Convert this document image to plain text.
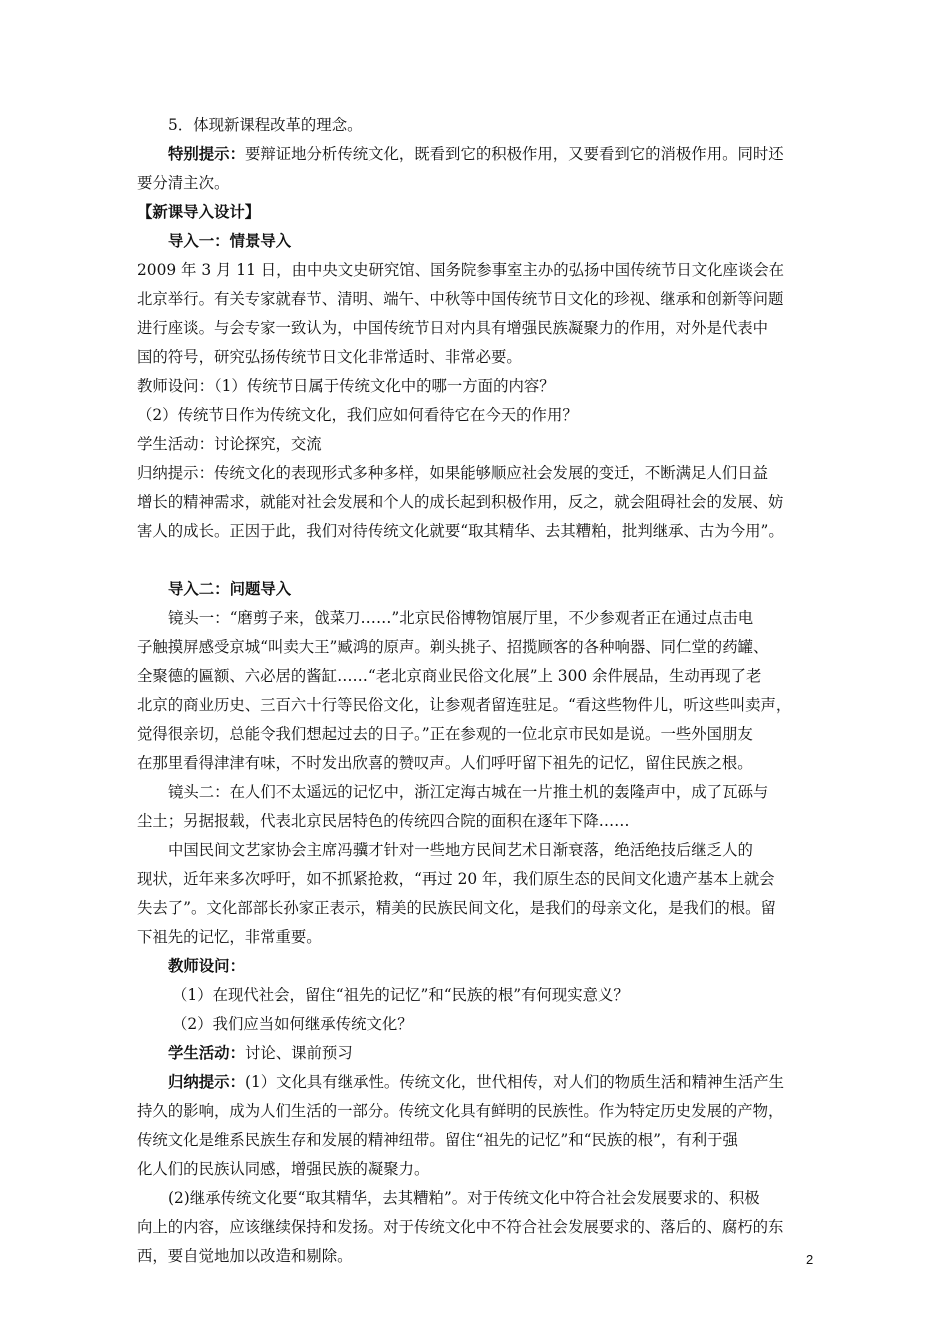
5．体现新课程改革的理念。
特别提示：要辩证地分析传统文化，既看到它的积极作用，又要看到它的消极作用。同时还
要分清主次。
【新课导入设计】
导入一：情景导入
2009 年 3 月 11 日，由中央文史研究馆、国务院参事室主办的弘扬中国传统节日文化座谈会在
北京举行。有关专家就春节、清明、端午、中秋等中国传统节日文化的珍视、继承和创新等问题
进行座谈。与会专家一致认为，中国传统节日对内具有增强民族凝聚力的作用，对外是代表中
国的符号，研究弘扬传统节日文化非常适时、非常必要。
教师设问：（1）传统节日属于传统文化中的哪一方面的内容？
（2）传统节日作为传统文化，我们应如何看待它在今天的作用？
学生活动：讨论探究，交流
归纳提示：传统文化的表现形式多种多样，如果能够顺应社会发展的变迁，不断满足人们日益
增长的精神需求，就能对社会发展和个人的成长起到积极作用，反之，就会阻碍社会的发展、妨
害人的成长。正因于此，我们对待传统文化就要“取其精华、去其糟粕，批判继承、古为今用”。
导入二：问题导入
镜头一：“磨剪子来，戗菜刀……”北京民俗博物馆展厅里，不少参观者正在通过点击电
子触摸屏感受京城“叫卖大王”臧鸿的原声。剃头挑子、招揽顾客的各种响器、同仁堂的药罐、
全聚德的匾额、六必居的酱缸……“老北京商业民俗文化展”上 300 余件展品，生动再现了老
北京的商业历史、三百六十行等民俗文化，让参观者留连驻足。“看这些物件儿，听这些叫卖声，
觉得很亲切，总能令我们想起过去的日子。”正在参观的一位北京市民如是说。一些外国朋友
在那里看得津津有味，不时发出欣喜的赞叹声。人们呼吁留下祖先的记忆，留住民族之根。
镜头二：在人们不太遥远的记忆中，浙江定海古城在一片推土机的轰隆声中，成了瓦砾与
尘土；另据报载，代表北京民居特色的传统四合院的面积在逐年下降……
中国民间文艺家协会主席冯骥才针对一些地方民间艺术日渐衰落，绝活绝技后继乏人的
现状，近年来多次呼吁，如不抓紧抢救，“再过 20 年，我们原生态的民间文化遗产基本上就会
失去了”。文化部部长孙家正表示，精美的民族民间文化，是我们的母亲文化，是我们的根。留
下祖先的记忆，非常重要。
教师设问：
（1）在现代社会，留住“祖先的记忆”和“民族的根”有何现实意义？
（2）我们应当如何继承传统文化？
学生活动：讨论、课前预习
归纳提示：(1）文化具有继承性。传统文化，世代相传，对人们的物质生活和精神生活产生
持久的影响，成为人们生活的一部分。传统文化具有鲜明的民族性。作为特定历史发展的产物，
传统文化是维系民族生存和发展的精神纽带。留住“祖先的记忆”和“民族的根”，有利于强
化人们的民族认同感，增强民族的凝聚力。
(2)继承传统文化要“取其精华，去其糟粕”。对于传统文化中符合社会发展要求的、积极
向上的内容，应该继续保持和发扬。对于传统文化中不符合社会发展要求的、落后的、腐朽的东
西，要自觉地加以改造和剔除。	2
